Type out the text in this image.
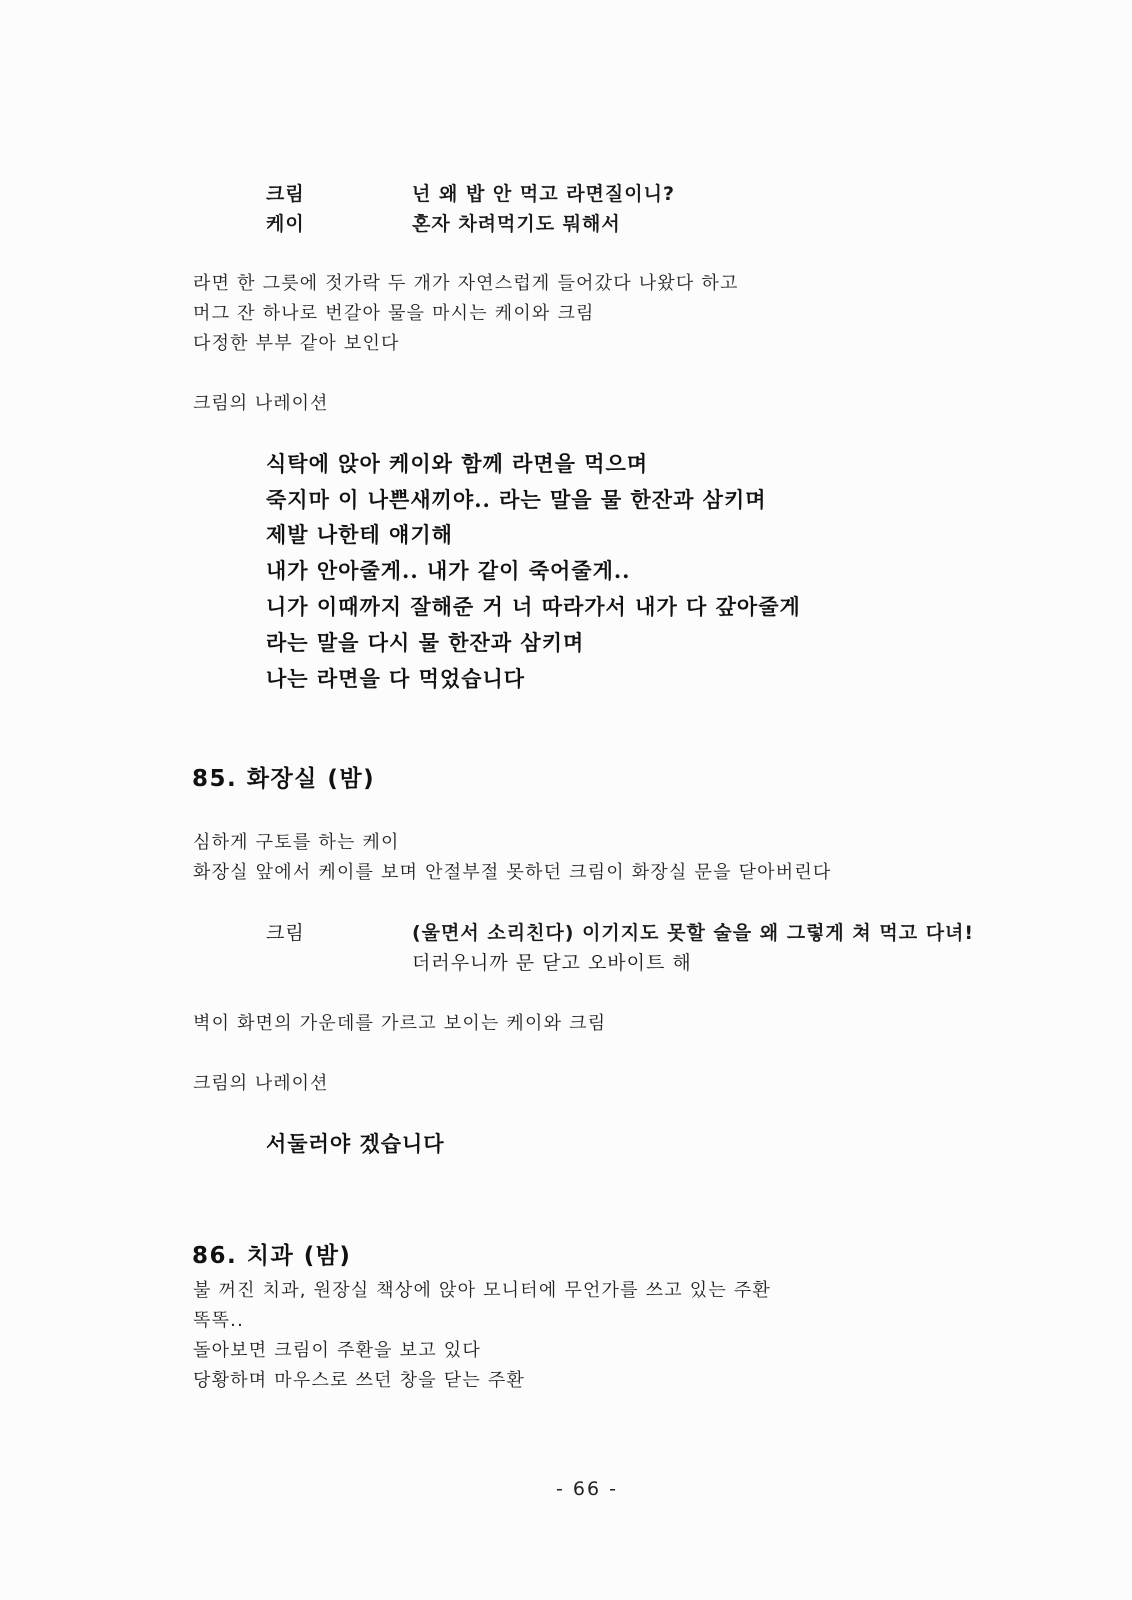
크림	넌 왜 밥 안 먹고 라면질이니?
케이	혼자 차려먹기도 뭐해서
라면 한 그릇에 젓가락 두 개가 자연스럽게 들어갔다 나왔다 하고
머그 잔 하나로 번갈아 물을 마시는 케이와 크림
다정한 부부 같아 보인다
크림의 나레이션
식탁에 앉아 케이와 함께 라면을 먹으며
죽지마 이 나쁜새끼야.. 라는 말을 물 한잔과 삼키며
제발 나한테 얘기해
내가 안아줄게.. 내가 같이 죽어줄게..
니가 이때까지 잘해준 거 너 따라가서 내가 다 갚아줄게
라는 말을 다시 물 한잔과 삼키며
나는 라면을 다 먹었습니다
85. 화장실 (밤)
심하게 구토를 하는 케이
화장실 앞에서 케이를 보며 안절부절 못하던 크림이 화장실 문을 닫아버린다
크림	(울면서 소리친다) 이기지도 못할 술을 왜 그렇게 쳐 먹고 다녀!
더러우니까 문 닫고 오바이트 해
벽이 화면의 가운데를 가르고 보이는 케이와 크림
크림의 나레이션
서둘러야 겠습니다
86. 치과 (밤)
불 꺼진 치과, 원장실 책상에 앉아 모니터에 무언가를 쓰고 있는 주환
똑똑..
돌아보면 크림이 주환을 보고 있다
당황하며 마우스로 쓰던 창을 닫는 주환
- 66 -
